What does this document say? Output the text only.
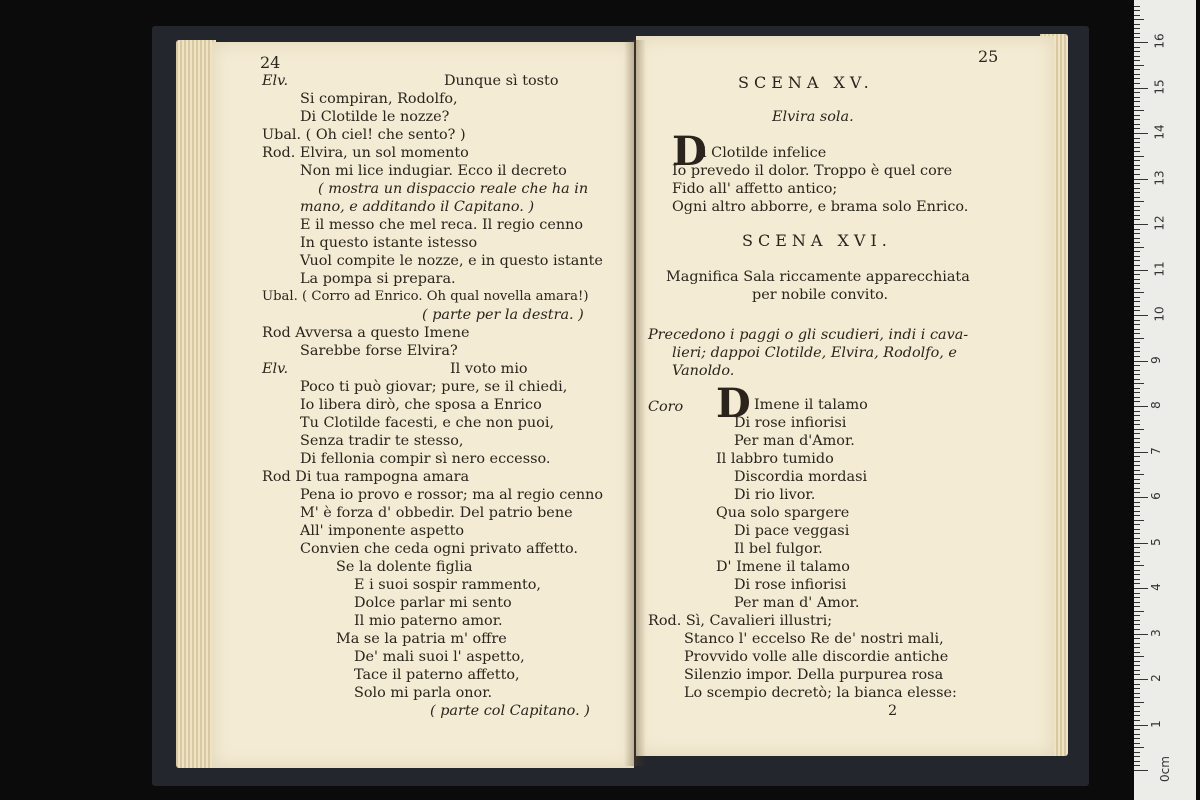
24
Dunque sì tosto
Elv.
Si compiran, Rodolfo,
Di Clotilde le nozze?
Ubal. ( Oh ciel! che sento? )
Rod. Elvira, un sol momento
Non mi lice indugiar. Ecco il decreto
( mostra un dispaccio reale che ha in
mano, e additando il Capitano. )
E il messo che mel reca. Il regio cenno
In questo istante istesso
Vuol compite le nozze, e in questo istante
La pompa si prepara.
Ubal. ( Corro ad Enrico. Oh qual novella amara!)
( parte per la destra. )
Rod Avversa a questo Imene
Sarebbe forse Elvira?
Elv.	Il voto mio
Poco ti può giovar; pure, se il chiedi,
Io libera dirò, che sposa a Enrico
Tu Clotilde facesti, e che non puoi,
Senza tradir te stesso,
Di fellonia compir sì nero eccesso.
Rod Di tua rampogna amara
Pena io provo e rossor; ma al regio cenno
M' è forza d' obbedir. Del patrio bene
All' imponente aspetto
Convien che ceda ogni privato affetto.
Se la dolente figlia
E i suoi sospir rammento,
Dolce parlar mi sento
Il mio paterno amor.
Ma se la patria m' offre
De' mali suoi l' aspetto,
Tace il paterno affetto,
Solo mi parla onor.
( parte col Capitano. )
25
SCENA XV.
Elvira sola.
D
i Clotilde infelice
Io prevedo il dolor. Troppo è quel core
Fido all' affetto antico;
Ogni altro abborre, e brama solo Enrico.
SCENA XVI.
Magnifica Sala riccamente apparecchiata
per nobile convito.
Precedono i paggi o gli scudieri, indi i cava-
lieri; dappoi Clotilde, Elvira, Rodolfo, e
Vanoldo.
Coro D Imene il talamo
Di rose infiorisi
Per man d'Amor.
Il labbro tumido
Discordia mordasi
Di rio livor.
Qua solo spargere
Di pace veggasi
Il bel fulgor.
D' Imene il talamo
Di rose infiorisi
Per man d' Amor.
Rod. Sì, Cavalieri illustri;
Stanco l' eccelso Re de' nostri mali,
Provvido volle alle discordie antiche
Silenzio impor. Della purpurea rosa
Lo scempio decretò; la bianca elesse:
2
0cm
1
2
3
4
5
6
7
8
9
10
11
12
13
14
15
16
